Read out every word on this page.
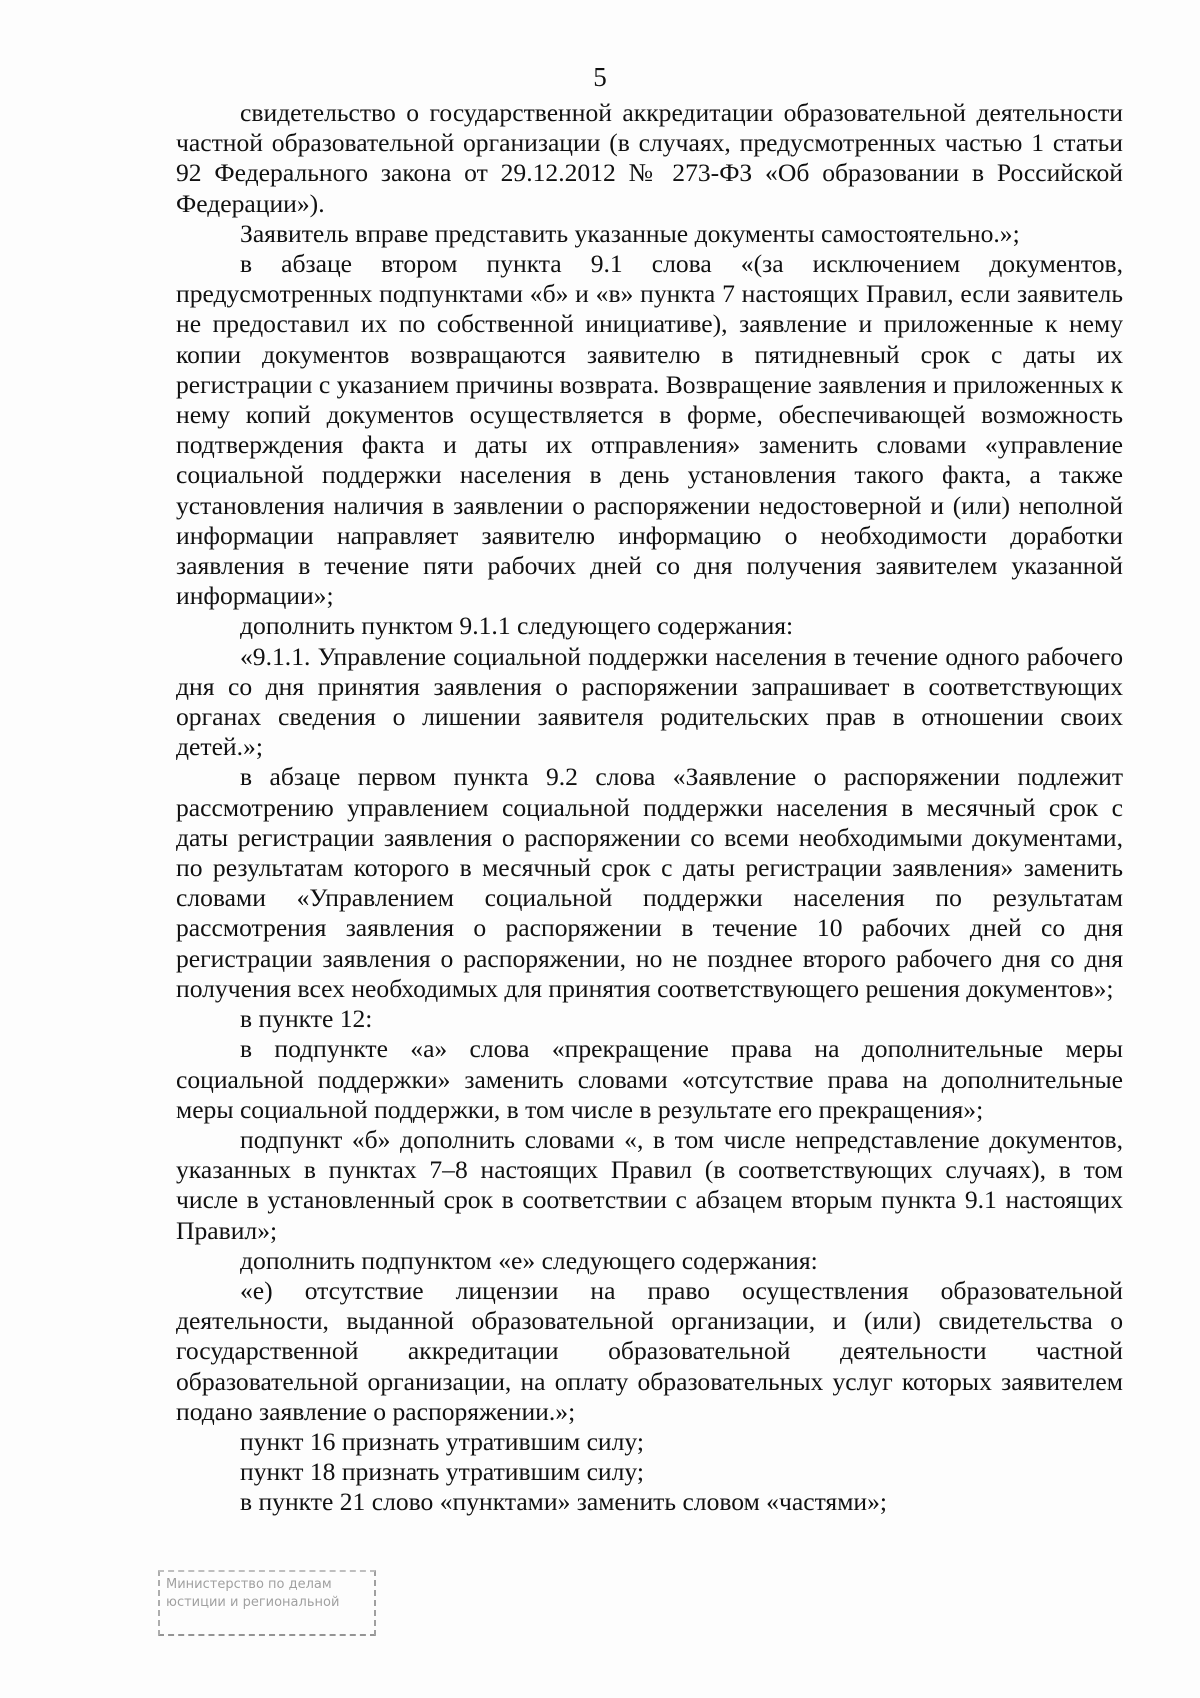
5

свидетельство о государственной аккредитации образовательной деятельности частной образовательной организации (в случаях, предусмотренных частью 1 статьи 92 Федерального закона от 29.12.2012 № 273-ФЗ «Об образовании в Российской Федерации»).

Заявитель вправе представить указанные документы самостоятельно.»;

в абзаце втором пункта 9.1 слова «(за исключением документов, предусмотренных подпунктами «б» и «в» пункта 7 настоящих Правил, если заявитель не предоставил их по собственной инициативе), заявление и приложенные к нему копии документов возвращаются заявителю в пятидневный срок с даты их регистрации с указанием причины возврата. Возвращение заявления и приложенных к нему копий документов осуществляется в форме, обеспечивающей возможность подтверждения факта и даты их отправления» заменить словами «управление социальной поддержки населения в день установления такого факта, а также установления наличия в заявлении о распоряжении недостоверной и (или) неполной информации направляет заявителю информацию о необходимости доработки заявления в течение пяти рабочих дней со дня получения заявителем указанной информации»;

дополнить пунктом 9.1.1 следующего содержания:

«9.1.1. Управление социальной поддержки населения в течение одного рабочего дня со дня принятия заявления о распоряжении запрашивает в соответствующих органах сведения о лишении заявителя родительских прав в отношении своих детей.»;

в абзаце первом пункта 9.2 слова «Заявление о распоряжении подлежит рассмотрению управлением социальной поддержки населения в месячный срок с даты регистрации заявления о распоряжении со всеми необходимыми документами, по результатам которого в месячный срок с даты регистрации заявления» заменить словами «Управлением социальной поддержки населения по результатам рассмотрения заявления о распоряжении в течение 10 рабочих дней со дня регистрации заявления о распоряжении, но не позднее второго рабочего дня со дня получения всех необходимых для принятия соответствующего решения документов»;

в пункте 12:

в подпункте «а» слова «прекращение права на дополнительные меры социальной поддержки» заменить словами «отсутствие права на дополнительные меры социальной поддержки, в том числе в результате его прекращения»;

подпункт «б» дополнить словами «, в том числе непредставление документов, указанных в пунктах 7–8 настоящих Правил (в соответствующих случаях), в том числе в установленный срок в соответствии с абзацем вторым пункта 9.1 настоящих Правил»;

дополнить подпунктом «е» следующего содержания:

«е) отсутствие лицензии на право осуществления образовательной деятельности, выданной образовательной организации, и (или) свидетельства о государственной аккредитации образовательной деятельности частной образовательной организации, на оплату образовательных услуг которых заявителем подано заявление о распоряжении.»;

пункт 16 признать утратившим силу;

пункт 18 признать утратившим силу;

в пункте 21 слово «пунктами» заменить словом «частями»;

Министерство по делам
юстиции и региональной
